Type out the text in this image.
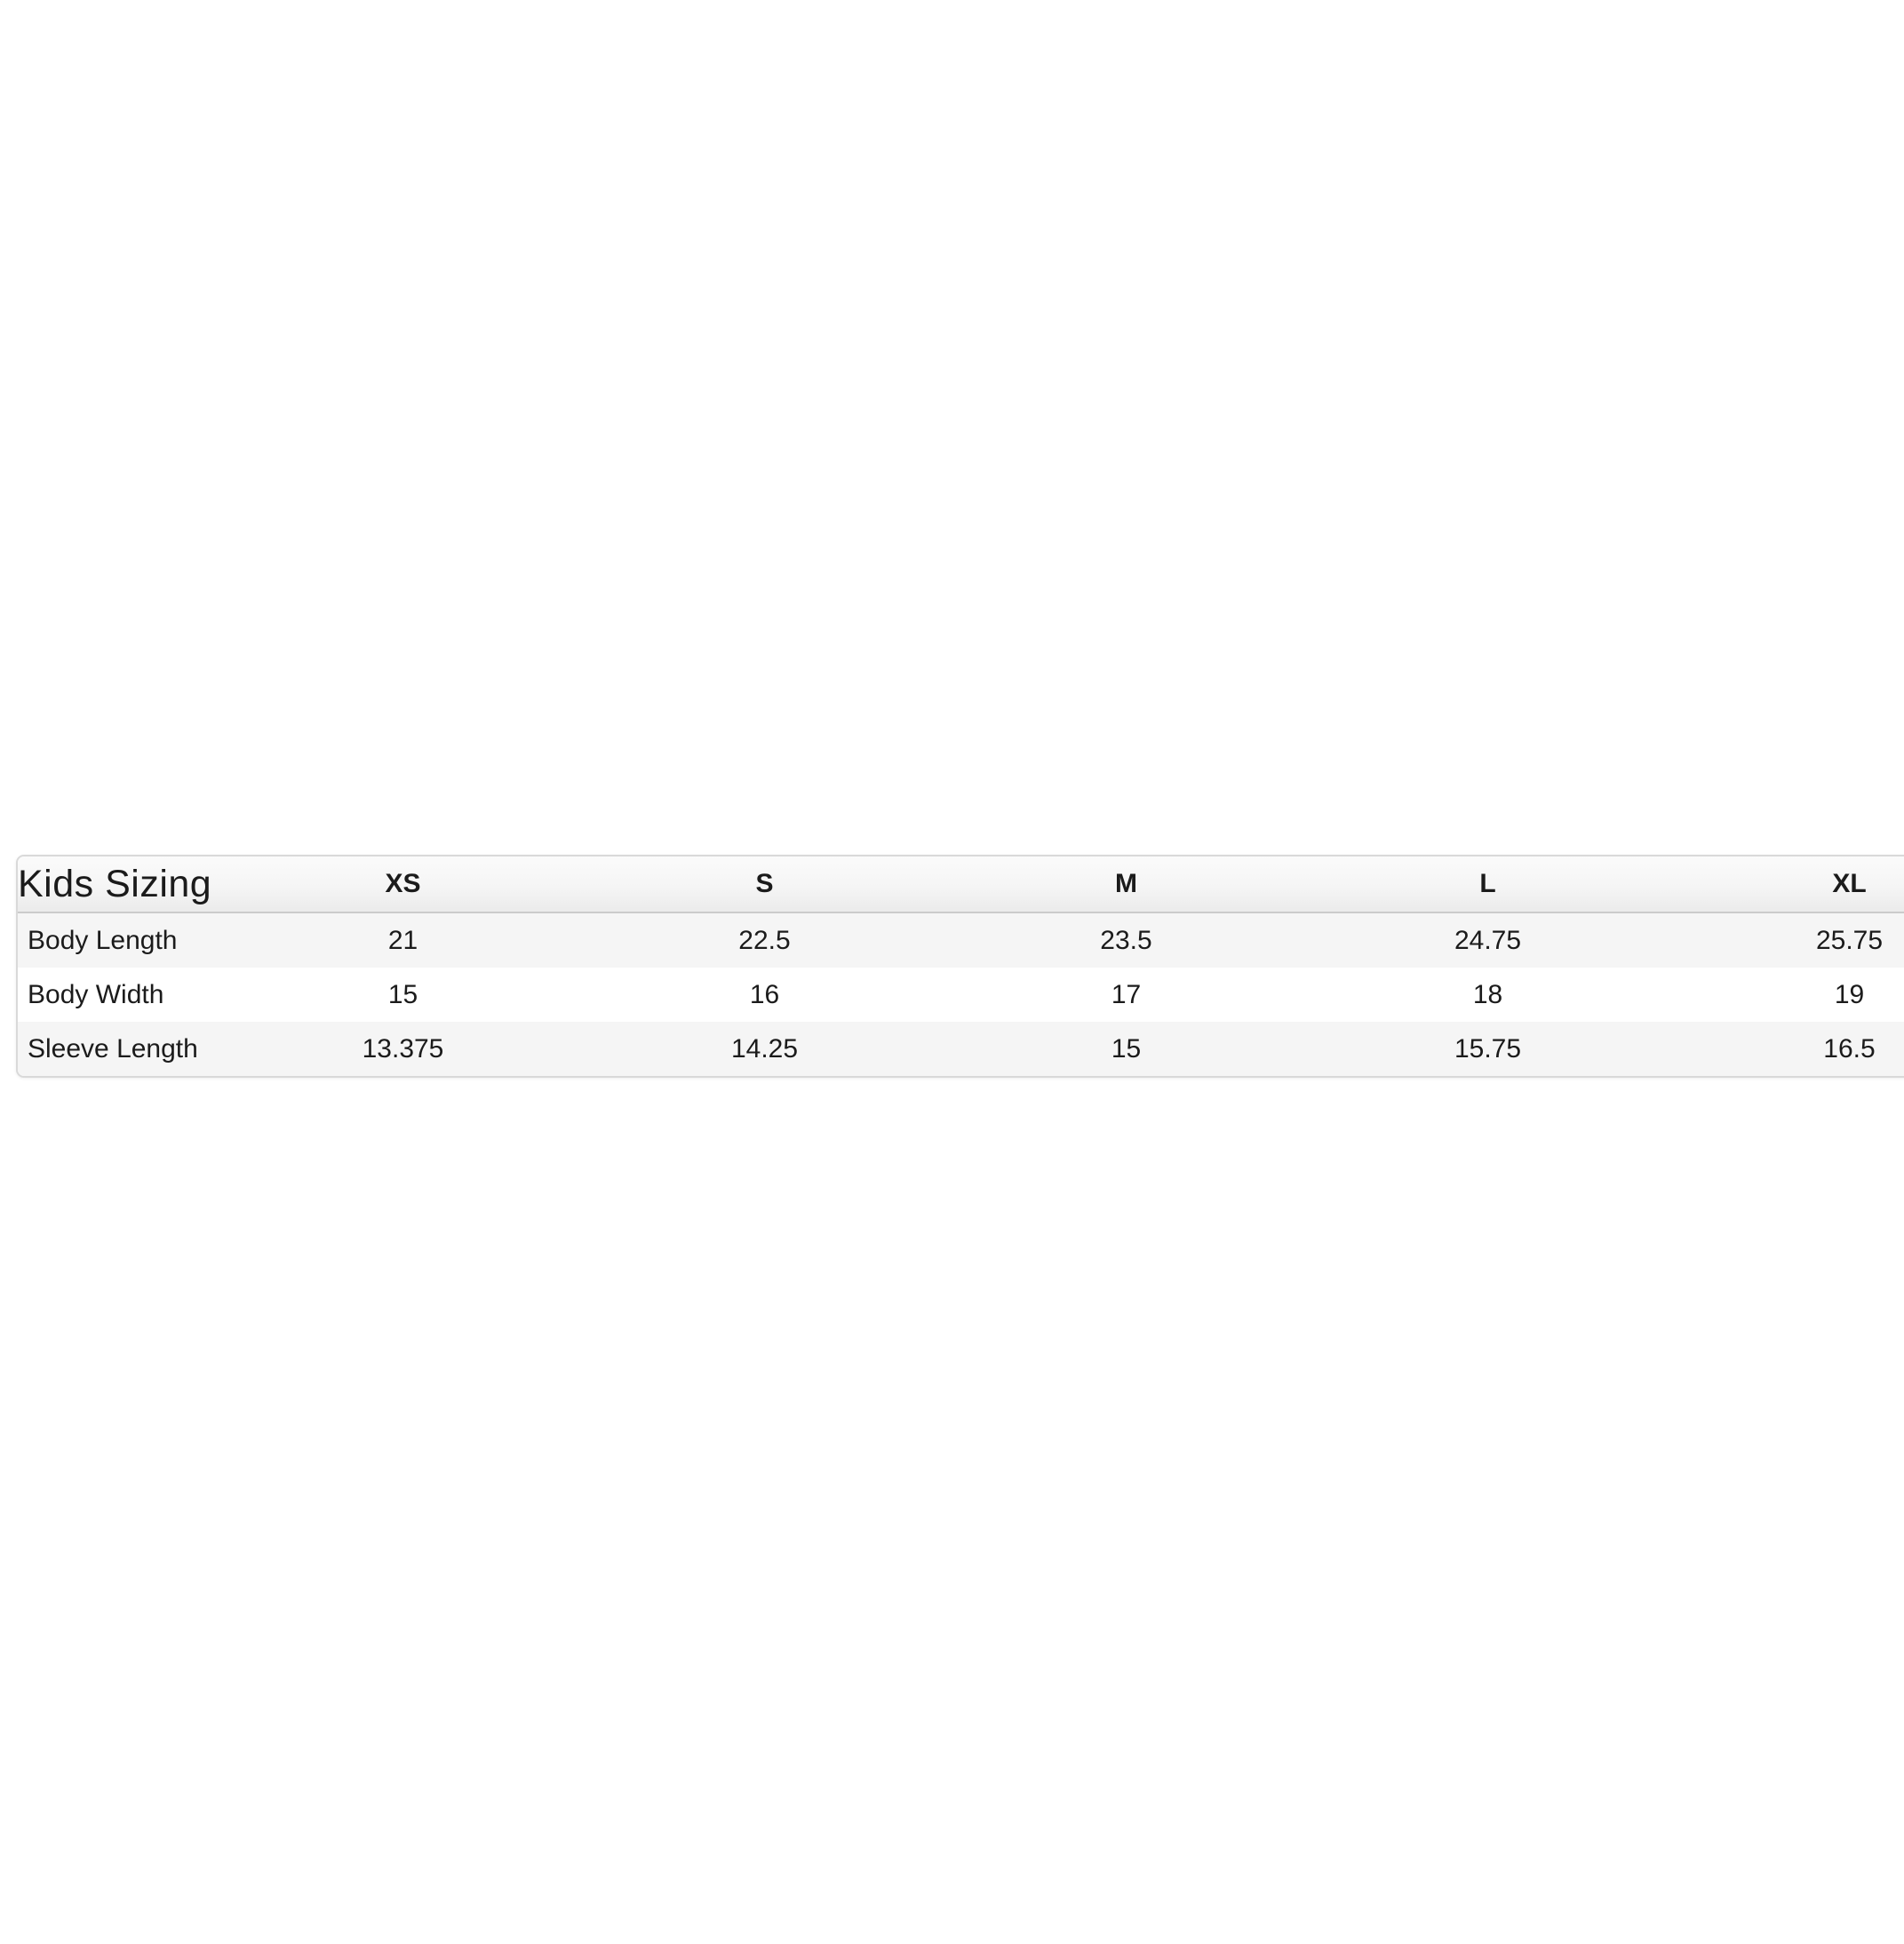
Kids Sizing	XS	S	M	L	XL
Body Length	21	22.5	23.5	24.75	25.75
Body Width	15	16	17	18	19
Sleeve Length	13.375	14.25	15	15.75	16.5
